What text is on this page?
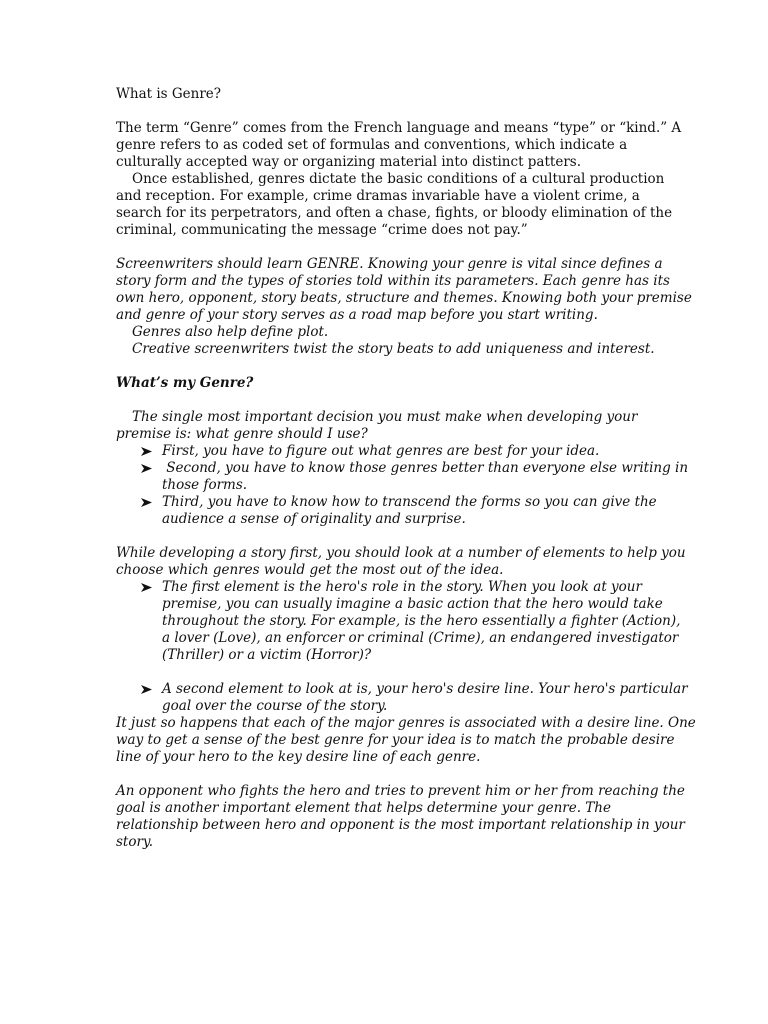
What is Genre?
The term “Genre” comes from the French language and means “type” or “kind.” A
genre refers to as coded set of formulas and conventions, which indicate a
culturally accepted way or organizing material into distinct patters.
Once established, genres dictate the basic conditions of a cultural production
and reception. For example, crime dramas invariable have a violent crime, a
search for its perpetrators, and often a chase, fights, or bloody elimination of the
criminal, communicating the message “crime does not pay.”
Screenwriters should learn GENRE. Knowing your genre is vital since defines a
story form and the types of stories told within its parameters. Each genre has its
own hero, opponent, story beats, structure and themes. Knowing both your premise
and genre of your story serves as a road map before you start writing.
Genres also help define plot.
Creative screenwriters twist the story beats to add uniqueness and interest.
What’s my Genre?
The single most important decision you must make when developing your
premise is: what genre should I use?
First, you have to figure out what genres are best for your idea.
Second, you have to know those genres better than everyone else writing in
those forms.
Third, you have to know how to transcend the forms so you can give the
audience a sense of originality and surprise.
While developing a story first, you should look at a number of elements to help you
choose which genres would get the most out of the idea.
The first element is the hero's role in the story. When you look at your
premise, you can usually imagine a basic action that the hero would take
throughout the story. For example, is the hero essentially a fighter (Action),
a lover (Love), an enforcer or criminal (Crime), an endangered investigator
(Thriller) or a victim (Horror)?
A second element to look at is, your hero's desire line. Your hero's particular
goal over the course of the story.
It just so happens that each of the major genres is associated with a desire line. One
way to get a sense of the best genre for your idea is to match the probable desire
line of your hero to the key desire line of each genre.
An opponent who fights the hero and tries to prevent him or her from reaching the
goal is another important element that helps determine your genre. The
relationship between hero and opponent is the most important relationship in your
story.
